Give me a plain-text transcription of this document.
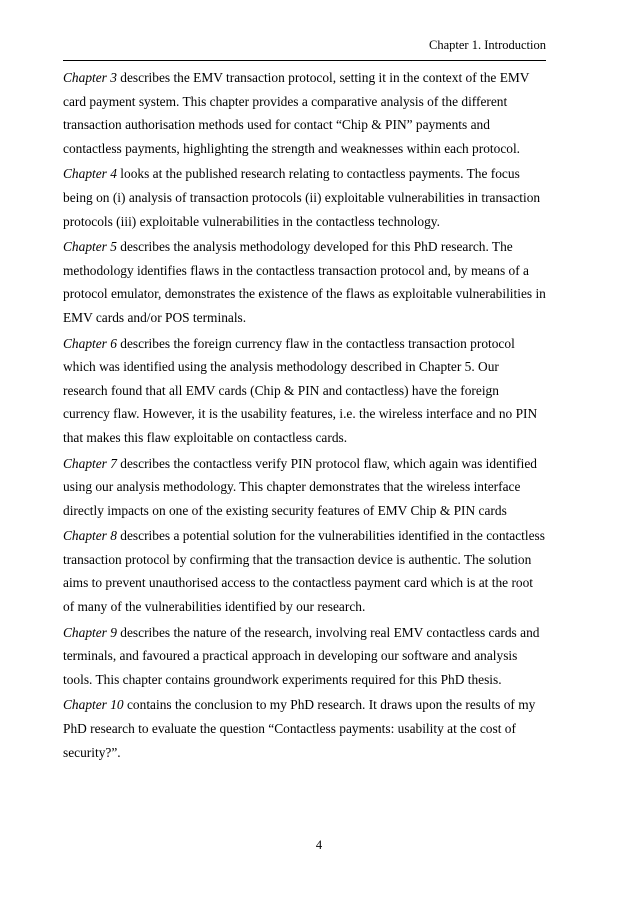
Chapter 1. Introduction

Chapter 3 describes the EMV transaction protocol, setting it in the context of the EMV card payment system. This chapter provides a comparative analysis of the different transaction authorisation methods used for contact “Chip & PIN” payments and contactless payments, highlighting the strength and weaknesses within each protocol.

Chapter 4 looks at the published research relating to contactless payments. The focus being on (i) analysis of transaction protocols (ii) exploitable vulnerabilities in transaction protocols (iii) exploitable vulnerabilities in the contactless technology.

Chapter 5 describes the analysis methodology developed for this PhD research. The methodology identifies flaws in the contactless transaction protocol and, by means of a protocol emulator, demonstrates the existence of the flaws as exploitable vulnerabilities in EMV cards and/or POS terminals.

Chapter 6 describes the foreign currency flaw in the contactless transaction protocol which was identified using the analysis methodology described in Chapter 5. Our research found that all EMV cards (Chip & PIN and contactless) have the foreign currency flaw. However, it is the usability features, i.e. the wireless interface and no PIN that makes this flaw exploitable on contactless cards.

Chapter 7 describes the contactless verify PIN protocol flaw, which again was identified using our analysis methodology. This chapter demonstrates that the wireless interface directly impacts on one of the existing security features of EMV Chip & PIN cards

Chapter 8 describes a potential solution for the vulnerabilities identified in the contactless transaction protocol by confirming that the transaction device is authentic. The solution aims to prevent unauthorised access to the contactless payment card which is at the root of many of the vulnerabilities identified by our research.

Chapter 9 describes the nature of the research, involving real EMV contactless cards and terminals, and favoured a practical approach in developing our software and analysis tools. This chapter contains groundwork experiments required for this PhD thesis.

Chapter 10 contains the conclusion to my PhD research. It draws upon the results of my PhD research to evaluate the question “Contactless payments: usability at the cost of security?”.

4
